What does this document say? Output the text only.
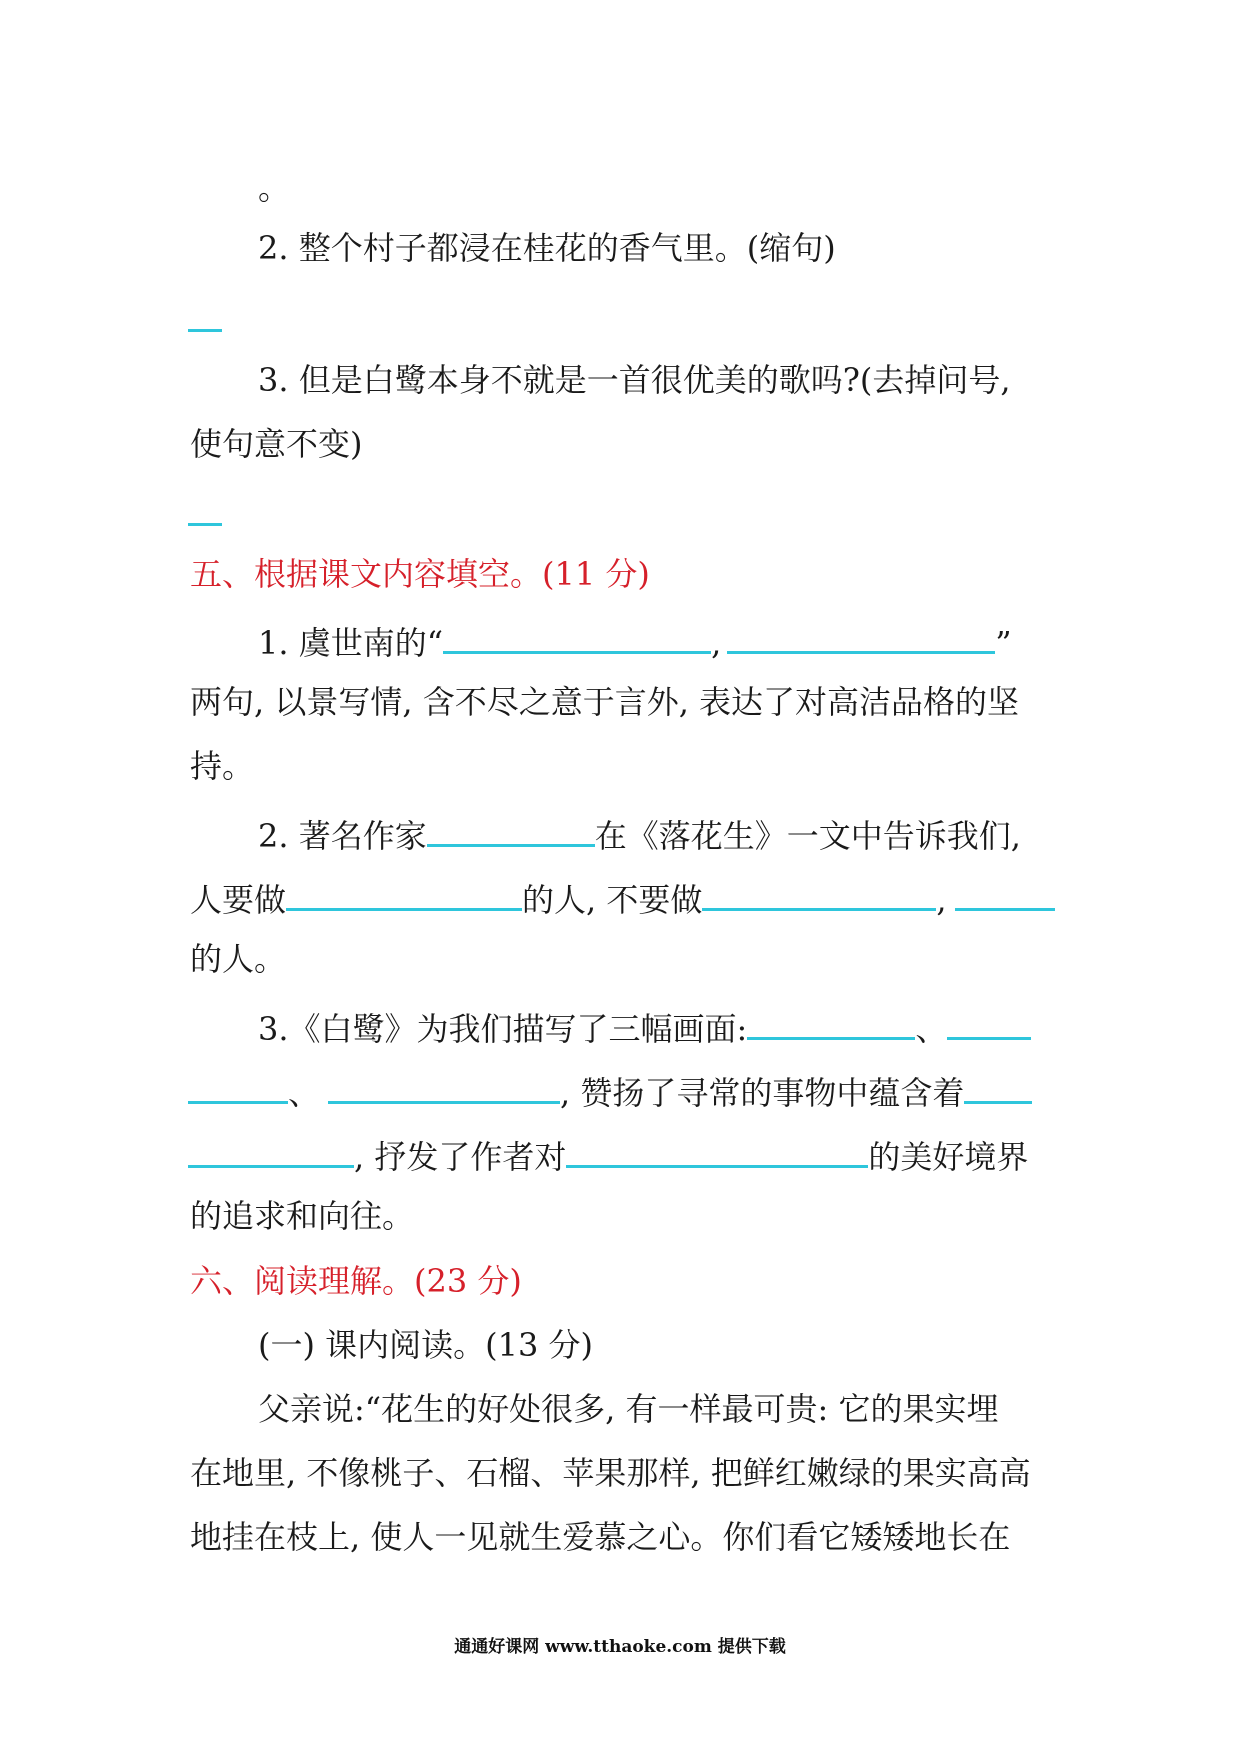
。
2. 整个村子都浸在桂花的香气里。(缩句)
3. 但是白鹭本身不就是一首很优美的歌吗?(去掉问号,
使句意不变)
五、根据课文内容填空。(11 分)
1. 虞世南的“	,	”
两句, 以景写情, 含不尽之意于言外, 表达了对高洁品格的坚
持。
2. 著名作家	在《落花生》一文中告诉我们,
人要做	的人, 不要做	,
的人。
3.《白鹭》为我们描写了三幅画面:	、
、	, 赞扬了寻常的事物中蕴含着
, 抒发了作者对	的美好境界
的追求和向往。
六、阅读理解。(23 分)
(一) 课内阅读。(13 分)
父亲说:“花生的好处很多, 有一样最可贵: 它的果实埋
在地里, 不像桃子、石榴、苹果那样, 把鲜红嫩绿的果实高高
地挂在枝上, 使人一见就生爱慕之心。你们看它矮矮地长在
通通好课网 www.tthaoke.com 提供下载
